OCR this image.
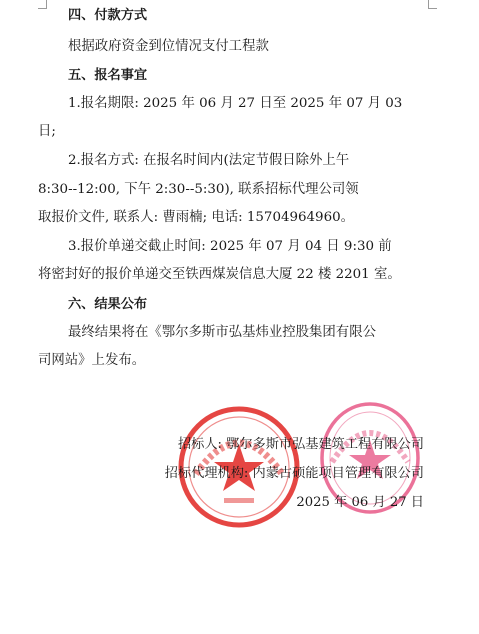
四、付款方式
根据政府资金到位情况支付工程款
五、报名事宜
1.报名期限: 2025 年 06 月 27 日至 2025 年 07 月 03
日;
2.报名方式: 在报名时间内(法定节假日除外上午
8:30--12:00, 下午 2:30--5:30), 联系招标代理公司领
取报价文件, 联系人: 曹雨楠; 电话: 15704964960。
3.报价单递交截止时间: 2025 年 07 月 04 日 9:30 前
将密封好的报价单递交至铁西煤炭信息大厦 22 楼 2201 室。
六、结果公布
最终结果将在《鄂尔多斯市弘基炜业控股集团有限公
司网站》上发布。
招标人: 鄂尔多斯市弘基建筑工程有限公司
招标代理机构: 内蒙古硕能项目管理有限公司
2025 年 06 月 27 日
